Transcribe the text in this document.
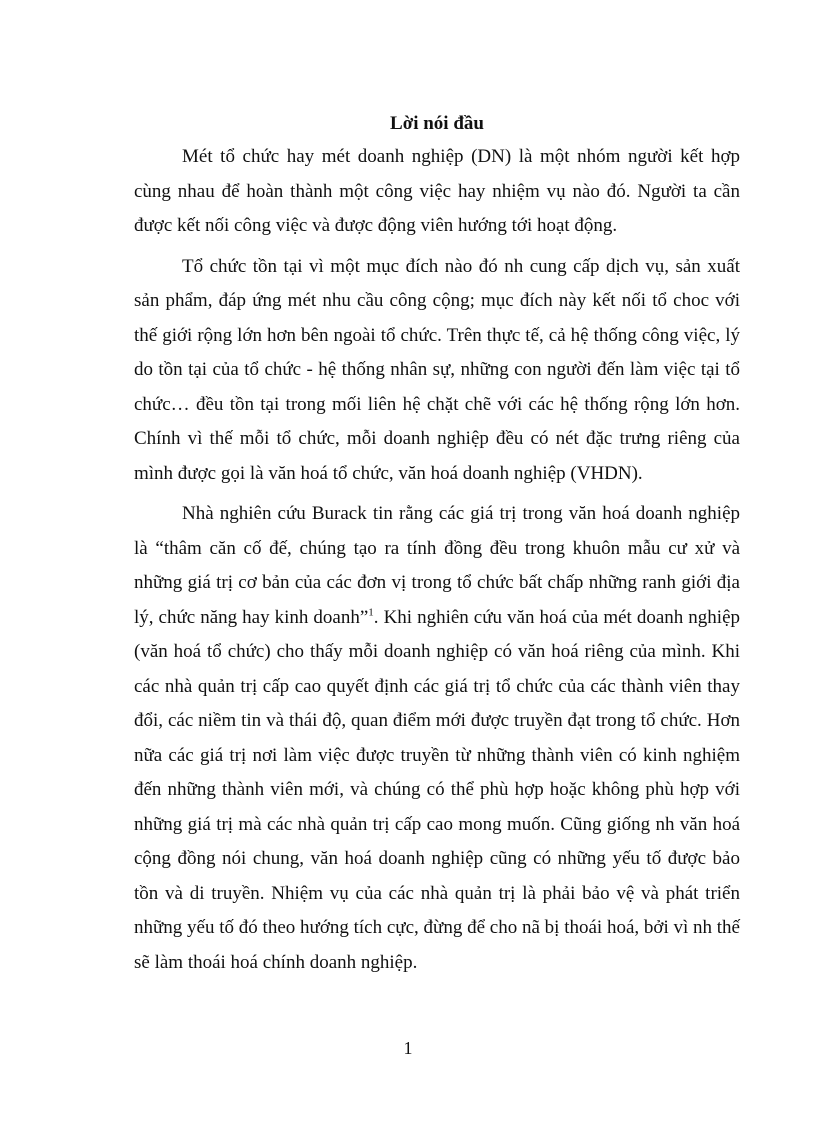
Lời nói đầu

Mét tổ chức hay mét doanh nghiệp (DN) là một nhóm người kết hợp cùng nhau để hoàn thành một công việc hay nhiệm vụ nào đó. Người ta cần được kết nối công việc và được động viên hướng tới hoạt động.

Tổ chức tồn tại vì một mục đích nào đó nh cung cấp dịch vụ, sản xuất sản phẩm, đáp ứng mét nhu cầu công cộng; mục đích này kết nối tổ choc với thế giới rộng lớn hơn bên ngoài tổ chức. Trên thực tế, cả hệ thống công việc, lý do tồn tại của tổ chức - hệ thống nhân sự, những con người đến làm việc tại tổ chức… đều tồn tại trong mối liên hệ chặt chẽ với các hệ thống rộng lớn hơn. Chính vì thế mỗi tổ chức, mỗi doanh nghiệp đều có nét đặc trưng riêng của mình được gọi là văn hoá tổ chức, văn hoá doanh nghiệp (VHDN).

Nhà nghiên cứu Burack tin rằng các giá trị trong văn hoá doanh nghiệp là “thâm căn cố đế, chúng tạo ra tính đồng đều trong khuôn mẫu cư xử và những giá trị cơ bản của các đơn vị trong tổ chức bất chấp những ranh giới địa lý, chức năng hay kinh doanh”$^1$. Khi nghiên cứu văn hoá của mét doanh nghiệp (văn hoá tổ chức) cho thấy mỗi doanh nghiệp có văn hoá riêng của mình. Khi các nhà quản trị cấp cao quyết định các giá trị tổ chức của các thành viên thay đổi, các niềm tin và thái độ, quan điểm mới được truyền đạt trong tổ chức. Hơn nữa các giá trị nơi làm việc được truyền từ những thành viên có kinh nghiệm đến những thành viên mới, và chúng có thể phù hợp hoặc không phù hợp với những giá trị mà các nhà quản trị cấp cao mong muốn. Cũng giống nh văn hoá cộng đồng nói chung, văn hoá doanh nghiệp cũng có những yếu tố được bảo tồn và di truyền. Nhiệm vụ của các nhà quản trị là phải bảo vệ và phát triển những yếu tố đó theo hướng tích cực, đừng để cho nã bị thoái hoá, bởi vì nh thế sẽ làm thoái hoá chính doanh nghiệp.

1
